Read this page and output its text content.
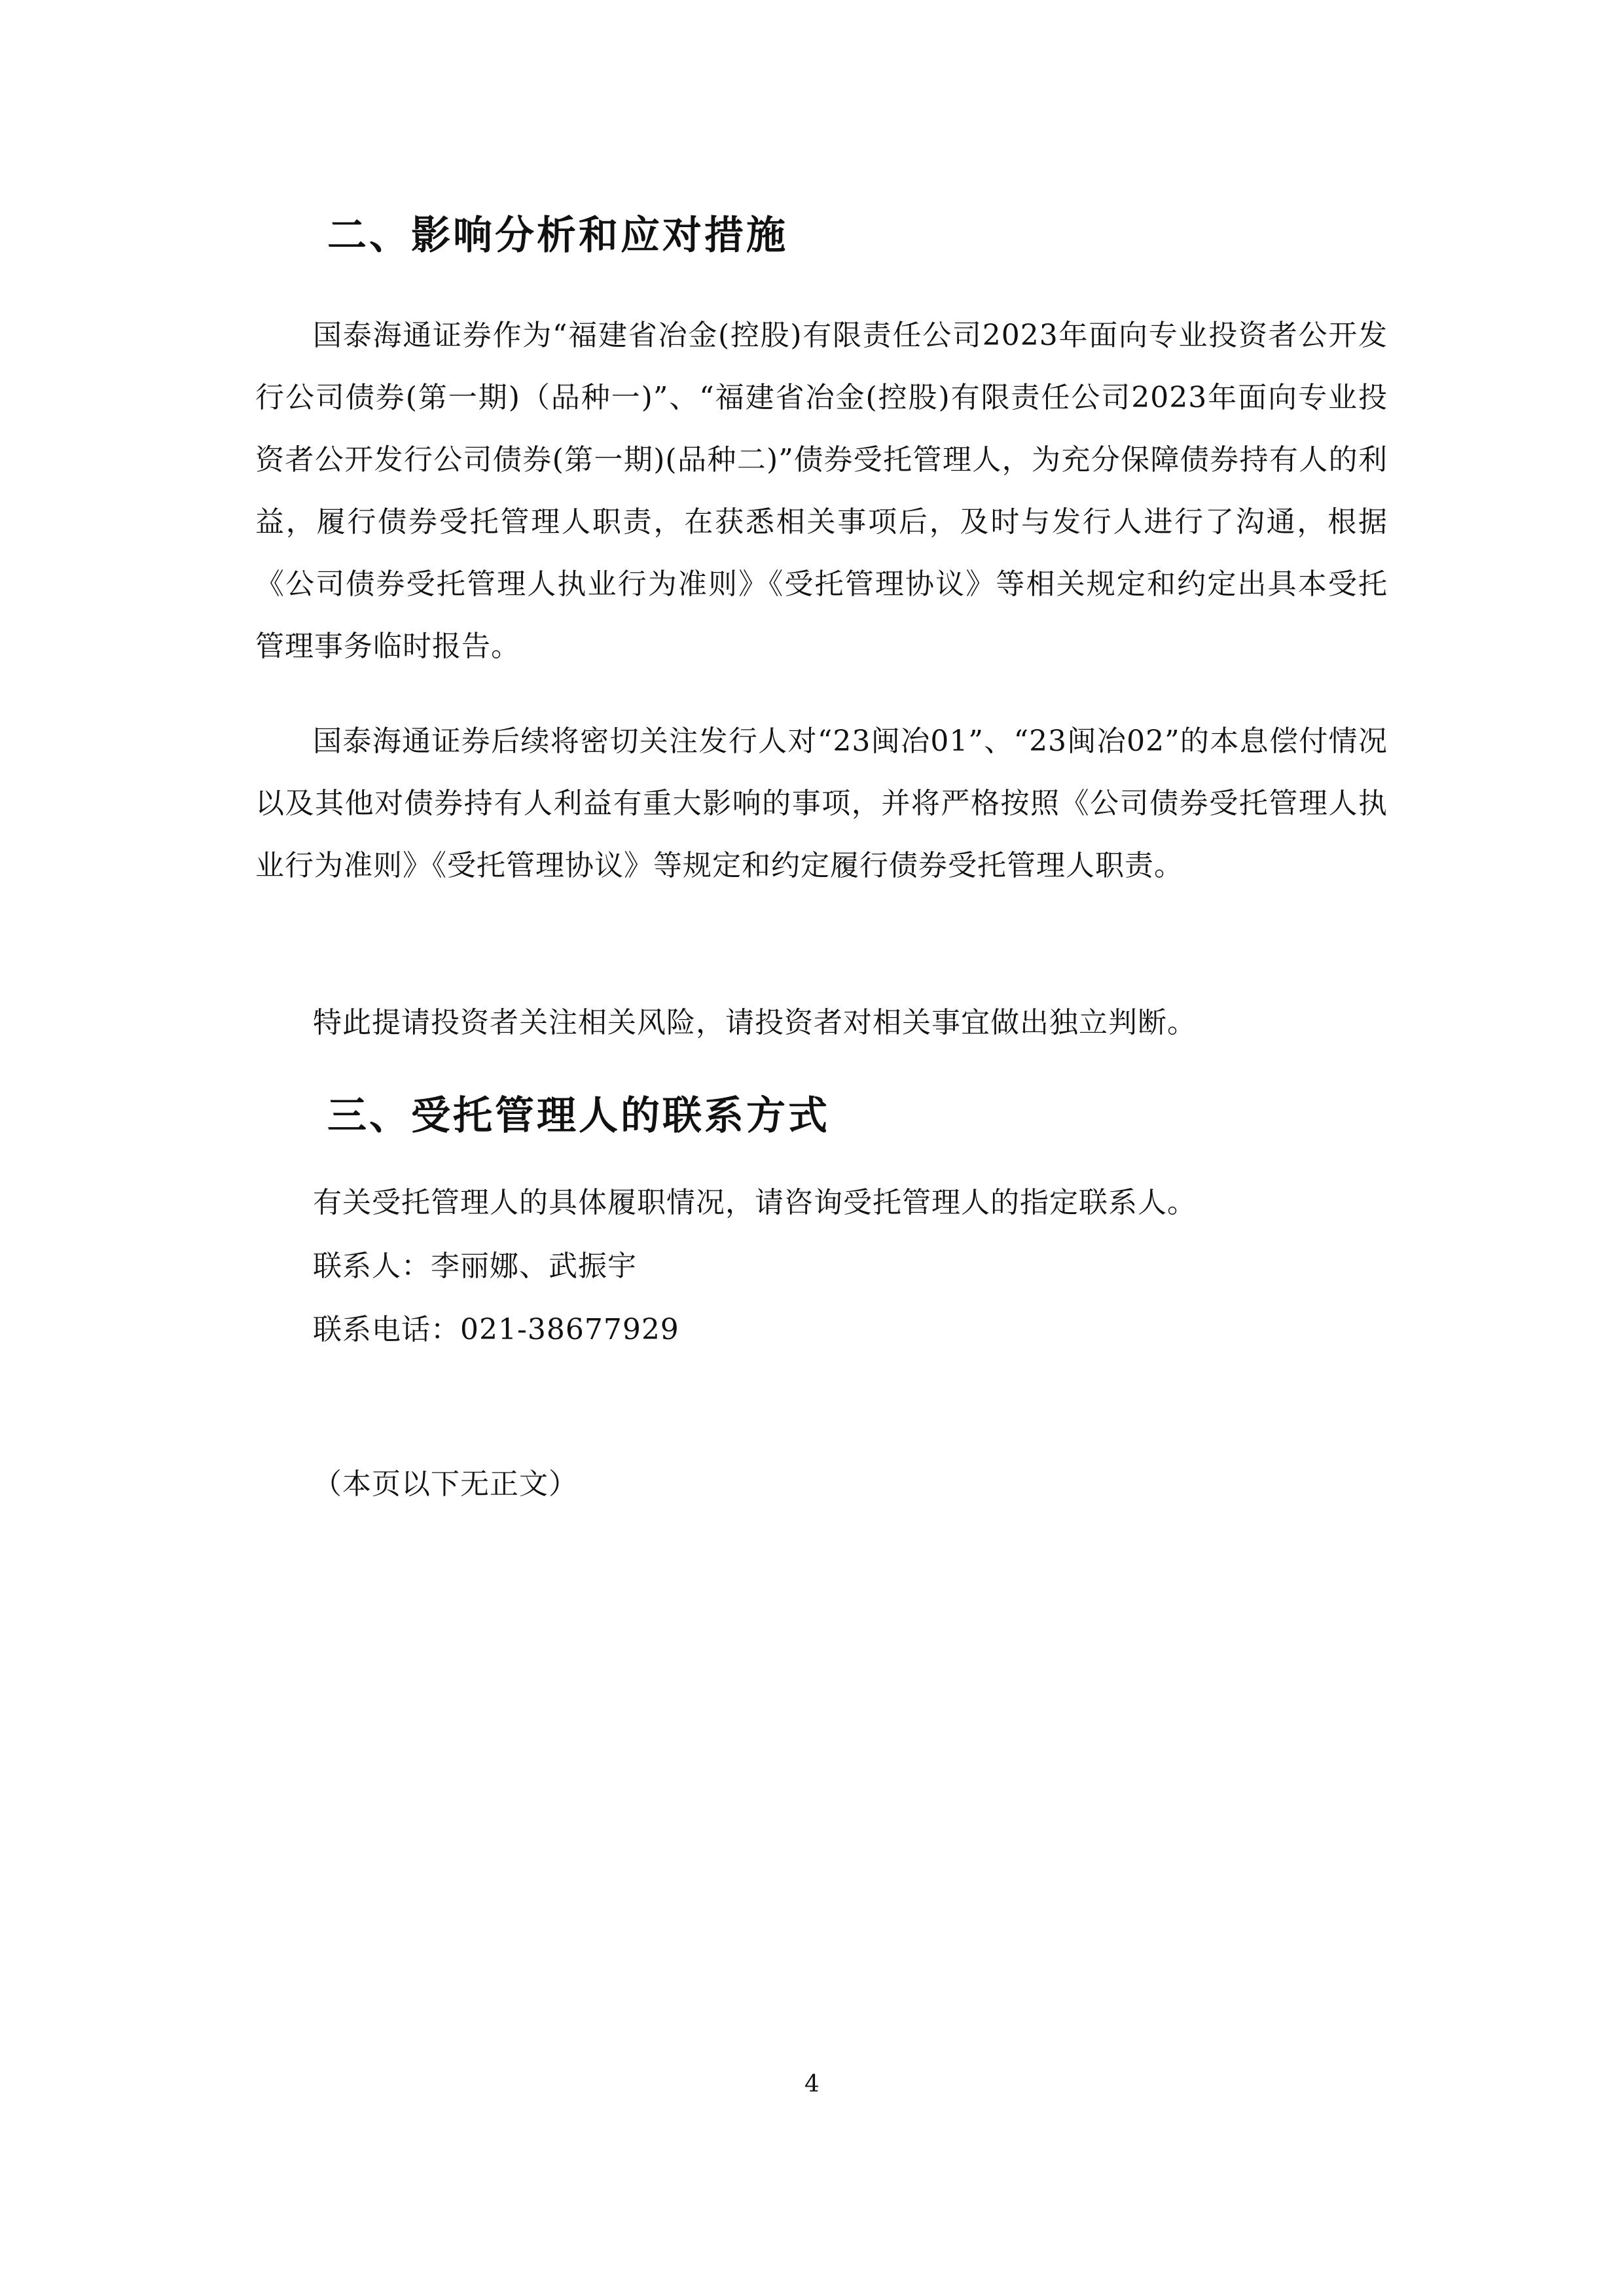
二、影响分析和应对措施
国泰海通证券作为“福建省冶金(控股)有限责任公司2023年面向专业投资者公开发行公司债券(第一期)（品种一)”、“福建省冶金(控股)有限责任公司2023年面向专业投资者公开发行公司债券(第一期)(品种二)”债券受托管理人，为充分保障债券持有人的利益，履行债券受托管理人职责，在获悉相关事项后，及时与发行人进行了沟通，根据《公司债券受托管理人执业行为准则》《受托管理协议》等相关规定和约定出具本受托管理事务临时报告。
国泰海通证券后续将密切关注发行人对“23闽冶01”、“23闽冶02”的本息偿付情况以及其他对债券持有人利益有重大影响的事项，并将严格按照《公司债券受托管理人执业行为准则》《受托管理协议》等规定和约定履行债券受托管理人职责。
特此提请投资者关注相关风险，请投资者对相关事宜做出独立判断。
三、受托管理人的联系方式
有关受托管理人的具体履职情况，请咨询受托管理人的指定联系人。
联系人：李丽娜、武振宇
联系电话：021-38677929
（本页以下无正文）
4
